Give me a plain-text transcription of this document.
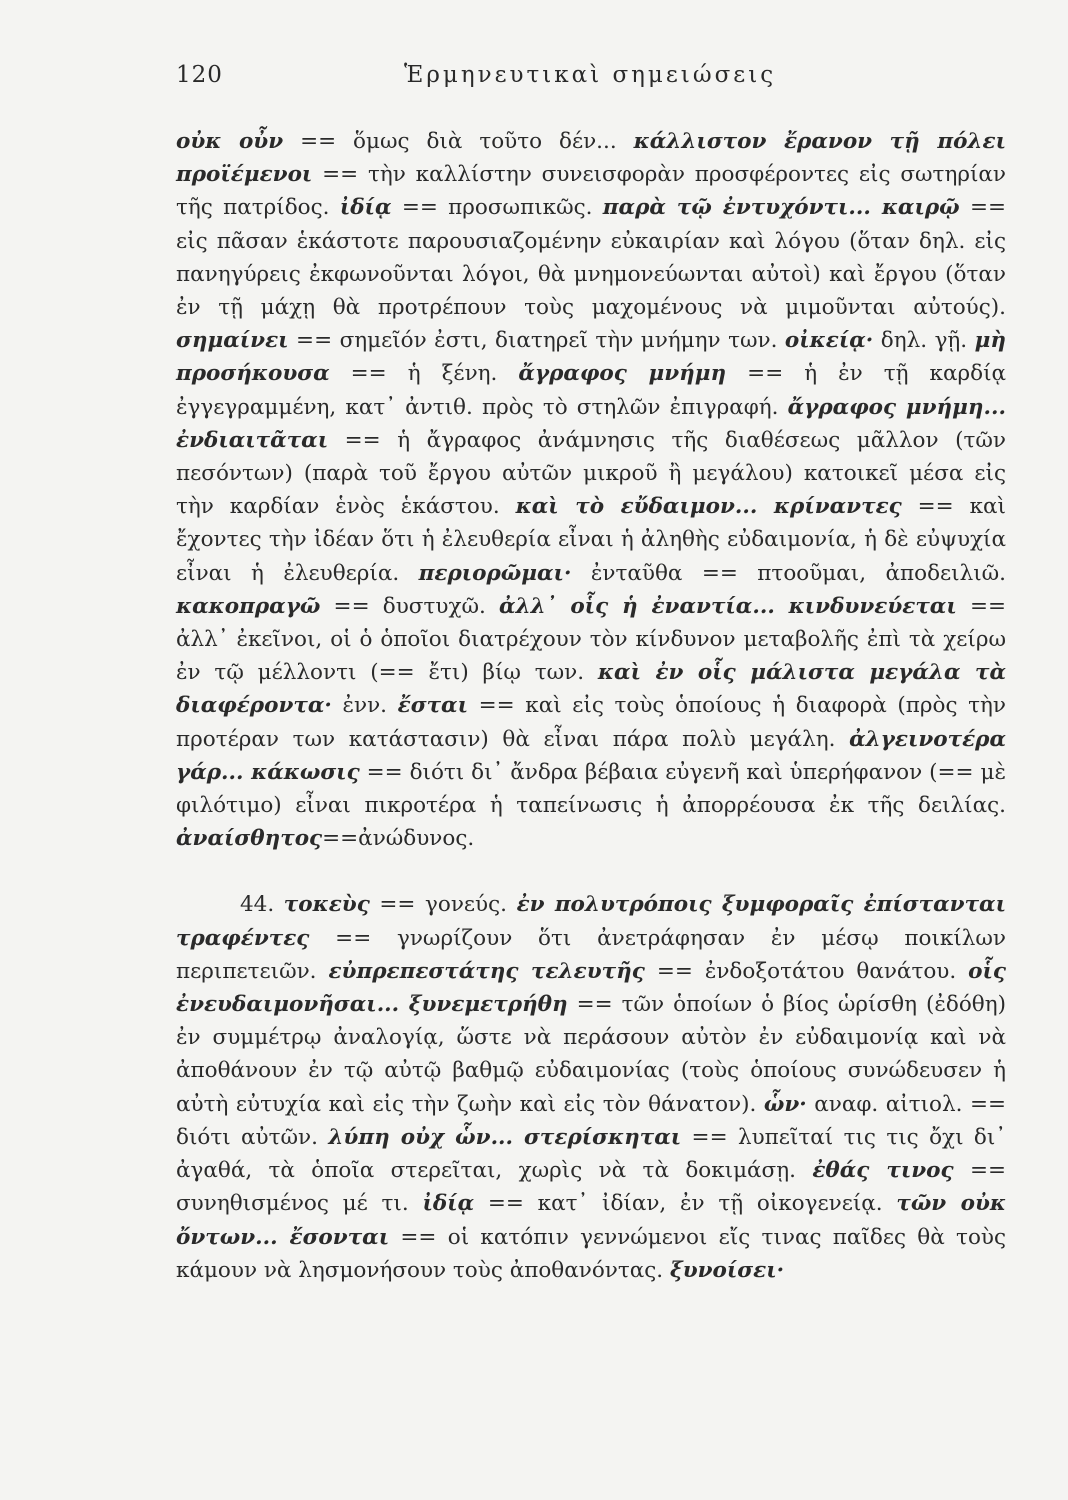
120	Ἑρμηνευτικαὶ σημειώσεις

οὐκ οὖν == ὅμως διὰ τοῦτο δέν... κάλλιστον ἔρανον τῇ πόλει προϊέμενοι == τὴν καλλίστην συνεισφορὰν προσφέροντες εἰς σωτηρίαν τῆς πατρίδος. ἰδίᾳ == προσωπικῶς. παρὰ τῷ ἐντυχόντι... καιρῷ == εἰς πᾶσαν ἑκάστοτε παρουσιαζομένην εὐκαιρίαν καὶ λόγου (ὅταν δηλ. εἰς πανηγύρεις ἐκφωνοῦνται λόγοι, θὰ μνημονεύωνται αὐτοὶ) καὶ ἔργου (ὅταν ἐν τῇ μάχῃ θὰ προτρέπουν τοὺς μαχομένους νὰ μιμοῦνται αὐτούς). σημαίνει == σημεῖόν ἐστι, διατηρεῖ τὴν μνήμην των. οἰκείᾳ· δηλ. γῇ. μὴ προσήκουσα == ἡ ξένη. ἄγραφος μνήμη == ἡ ἐν τῇ καρδίᾳ ἐγγεγραμμένη, κατ᾽ ἀντιθ. πρὸς τὸ στηλῶν ἐπιγραφή. ἄγραφος μνήμη... ἐνδιαιτᾶται == ἡ ἄγραφος ἀνάμνησις τῆς διαθέσεως μᾶλλον (τῶν πεσόντων) (παρὰ τοῦ ἔργου αὐτῶν μικροῦ ἢ μεγάλου) κατοικεῖ μέσα εἰς τὴν καρδίαν ἑνὸς ἑκάστου. καὶ τὸ εὔδαιμον... κρίναντες == καὶ ἔχοντες τὴν ἰδέαν ὅτι ἡ ἐλευθερία εἶναι ἡ ἀληθὴς εὐδαιμονία, ἡ δὲ εὐψυχία εἶναι ἡ ἐλευθερία. περιορῶμαι· ἐνταῦθα == πτοοῦμαι, ἀποδειλιῶ. κακοπραγῶ == δυστυχῶ. ἀλλ᾽ οἷς ἡ ἐναντία... κινδυνεύεται == ἀλλ᾽ ἐκεῖνοι, οἱ ὁ ὁποῖοι διατρέχουν τὸν κίνδυνον μεταβολῆς ἐπὶ τὰ χείρω ἐν τῷ μέλλοντι (== ἔτι) βίῳ των. καὶ ἐν οἷς μάλιστα μεγάλα τὰ διαφέροντα· ἐνν. ἔσται == καὶ εἰς τοὺς ὁποίους ἡ διαφορὰ (πρὸς τὴν προτέραν των κατάστασιν) θὰ εἶναι πάρα πολὺ μεγάλη. ἀλγεινοτέρα γάρ... κάκωσις == διότι δι᾽ ἄνδρα βέβαια εὐγενῆ καὶ ὑπερήφανον (== μὲ φιλότιμο) εἶναι πικροτέρα ἡ ταπείνωσις ἡ ἀπορρέουσα ἐκ τῆς δειλίας. ἀναίσθητος==ἀνώδυνος.

44. τοκεὺς == γονεύς. ἐν πολυτρόποις ξυμφοραῖς ἐπίστανται τραφέντες == γνωρίζουν ὅτι ἀνετράφησαν ἐν μέσῳ ποικίλων περιπετειῶν. εὐπρεπεστάτης τελευτῆς == ἐνδοξοτάτου θανάτου. οἷς ἐνευδαιμονῆσαι... ξυνεμετρήθη == τῶν ὁποίων ὁ βίος ὡρίσθη (ἐδόθη) ἐν συμμέτρῳ ἀναλογίᾳ, ὥστε νὰ περάσουν αὐτὸν ἐν εὐδαιμονίᾳ καὶ νὰ ἀποθάνουν ἐν τῷ αὐτῷ βαθμῷ εὐδαιμονίας (τοὺς ὁποίους συνώδευσεν ἡ αὐτὴ εὐτυχία καὶ εἰς τὴν ζωὴν καὶ εἰς τὸν θάνατον). ὧν· αναφ. αἰτιολ. == διότι αὐτῶν. λύπη οὐχ ὧν... στερίσκηται == λυπεῖταί τις τις ὄχι δι᾽ ἀγαθά, τὰ ὁποῖα στερεῖται, χωρὶς νὰ τὰ δοκιμάσῃ. ἐθάς τινος == συνηθισμένος μέ τι. ἰδίᾳ == κατ᾽ ἰδίαν, ἐν τῇ οἰκογενείᾳ. τῶν οὐκ ὄντων... ἔσονται == οἱ κατόπιν γεννώμενοι εἴς τινας παῖδες θὰ τοὺς κάμουν νὰ λησμονήσουν τοὺς ἀποθανόντας. ξυνοίσει·
